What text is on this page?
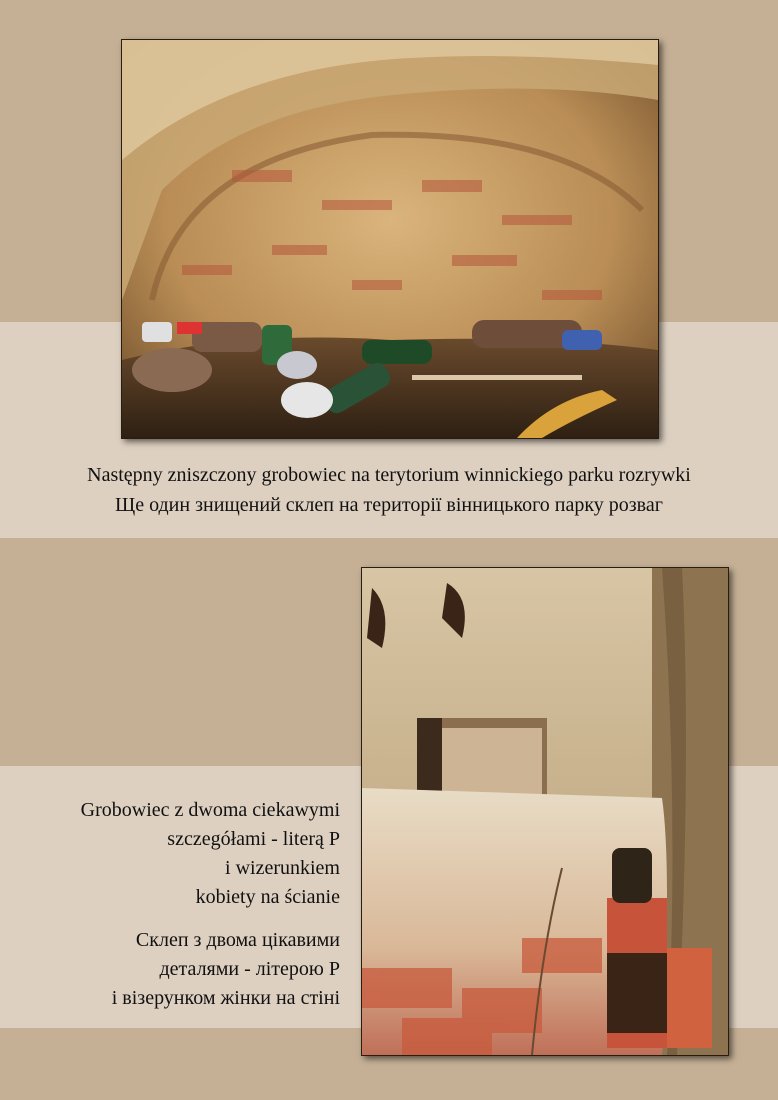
Następny zniszczony grobowiec na terytorium winnickiego parku rozrywki
Ще один знищений склеп на території вінницького парку розваг
Grobowiec z dwoma ciekawymi
szczegółami - literą P
i wizerunkiem
kobiety na ścianie
Склеп з двома цікавими
деталями - літерою Р
і візерунком жінки на стіні
